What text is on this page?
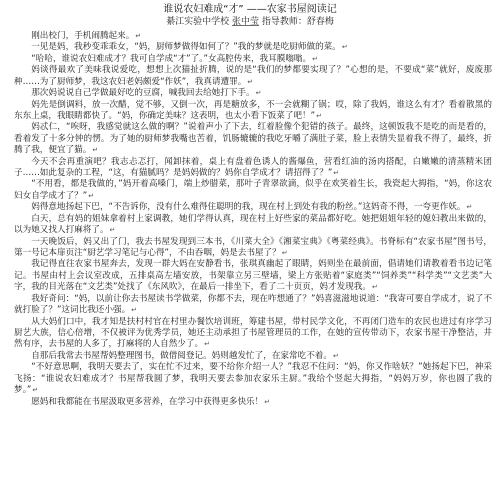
谁说农妇难成“才” ——农家书屋阅读记
綦江实验中学校 张中莹 指导教师：舒春梅

刚出校门，手机闹腾起来。↵

一见是妈，我秒变乖乖女，“妈，厨师梦做得如何了？”我的梦就是吃厨师做的菜。↵

“哈哈，谁说农妇难成才？我可自学成“才”了。”女高腔传来，我耳膜嗡嗡。↵

妈谈得最欢了美味我说爱吃，想想上次猫扯折腾，说的是“我们的梦都要实现了？”心想的是，不要成“菜”就好，废废那种……为了厨师梦，我这农妇老妈颇爱“作妖”，我真请遭罪。↵

那次妈说说自己学做最好吃的豆腐，喊我回去给她打下手。↵

妈先是倒调料，放一次醋，觉不够，又倒一次，再是糖放多，不一会就糊了锅；哎，除了我妈，谁这么有才？看着散黑的东东上桌，我眼睛都快了。“妈，你确定美味？这表明，也太小看下饭菜了吧！”↵

妈忒仁，“唉呀，我感觉就这么做的啊？”说着声小了下去，红着脸像个犯错的孩子。最终，这顿饭我不是吃的而是看的，看着发了十多分钟的愣。为了她的厨师梦我嘴也苦着，饥肠辘辘的我吃牙嚼了满肚子菜，脸上表情失显着我不得了，最终，折腾了我，便宜了猫。↵

今天不会再重演吧？我志忐忑打，闻卸抹着，桌上有盘着色诱人的酱爆鱼，营看红油的汤肉搭配，白嫩嫩的清蒸精米团子……如此复杂的工程，“这，有猫腻吗？是妈妈做的？妈你自学成才？请招得了？”↵

“不用看，都是我做的，”妈开着高嗓门，端上炒腊菜，那叶子青翠欲滴，似乎在欢笑着生长，我瓷起大拇指，“妈，你这农妇女自学成才了？”↵

妈得意地扬起下巴，“不告诉你，没有什么难得住聪明的我，现在村上到处有我的粉丝。”这妈奇不得，一夸更作妖。↵

白天，总有妈的姐妹拿着村上家调教，她们学得认真，现在村上好些家的菜品都好吃。她把姐姐年轻的媳妇教出来做的，以为她又找人打麻将了。↵

一天晚饭后，妈又出了门，我去书屋发现到三本书，《川菜大全》《湘菜宝典》《粤菜经典》。书脊标有“农家书屋”图书号，第一号记本扉页注“厨艺学习笔记与心得”，不由吞咽，妈是去书屋了？↵

我记得直往农家书屋奔去，发现一群大妈在安静看书，张琪真幽起了眼睛，妈则坐在最前面，倡请她们请教着看书边记笔记。书屋由村上会议室改成，五排桌高左墙安放，书架靠立另三壁墙，梁上方张贴着“家庭类”“饲养类”“科学类”“文艺类”大字，我的目光落在“文艺类”处找了《东风吹》，在最后一排坐下，看了二十页页，妈才发现我。↵

我好奇问：“妈，以前让你去书屋读书学做菜，你都不去，现在咋想通了？”妈喜滋滋地说道：“我寄可要自学成才，说了不就打脸了？”这词比我还小强。↵

从大妈们口中，我才知是扶村村官在村里办餐饮培训班，筹建书屋，带村民学文化，不再闭门造车的农民也进过有序学习厨艺大族，信心倍增，不仅被评为优秀学员，她还主动承担了书屋管理员的工作，在她的宣传带动下，农家书屋干净整洁，井然有序，去书屋的人多了，打麻将的人自然少了。↵

自那后我常去书屋帮妈整理图书，做借阅登记。妈则越发忙了，在家常吃不着。↵

“不好意思啊，我明天要去了，实在忙不过来，要不给你介绍一人？”我忍不住问：“妈，你又作啥妖？”她扬起下巴，神采飞扬：“谁说农妇难成才？书屋帮我圆了梦，我明天要去参加农家乐主厨。”我给个竖起大拇指，“妈妈万岁，你也圆了我的梦。”↵

愿妈和我都能在书屋汲取更多营养，在学习中获得更多快乐！↵
